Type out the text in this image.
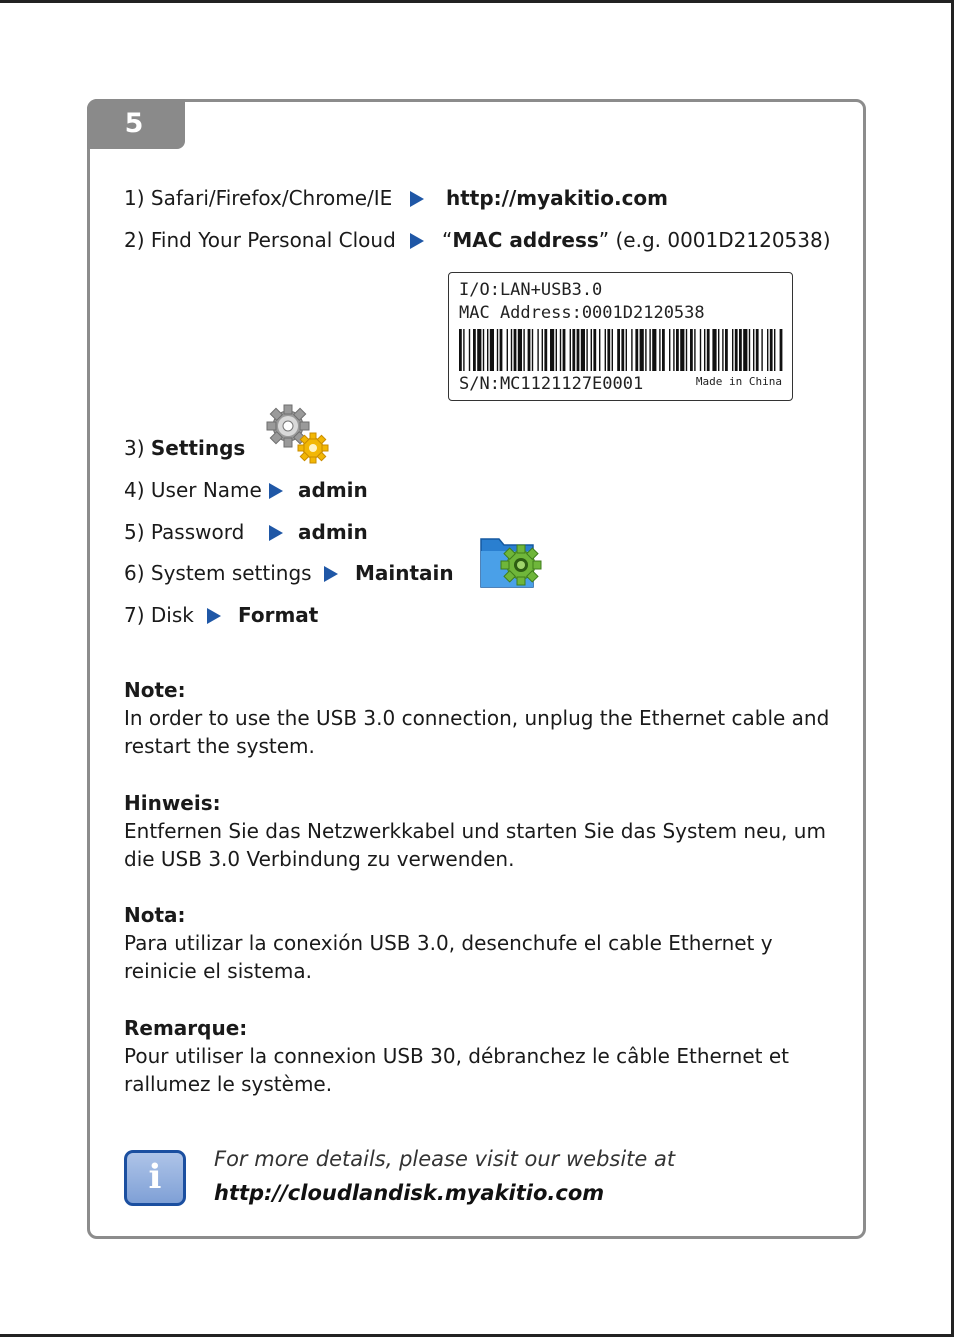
5
1) Safari/Firefox/Chrome/IE	http://myakitio.com
2) Find Your Personal Cloud “MAC address” (e.g. 0001D2120538)
I/O:LAN+USB3.0
MAC Address:0001D2120538
S/N:MC1121127E0001	Made in China
3) Settings
4) User Name admin
5) Password	admin
6) System settings Maintain
7) Disk Format
Note:
In order to use the USB 3.0 connection, unplug the Ethernet cable and restart the system.
Hinweis:
Entfernen Sie das Netzwerkkabel und starten Sie das System neu, um die USB 3.0 Verbindung zu verwenden.
Nota:
Para utilizar la conexión USB 3.0, desenchufe el cable Ethernet y reinicie el sistema.
Remarque:
Pour utiliser la connexion USB 30, débranchez le câble Ethernet et rallumez le système.
i	For more details, please visit our website at
http://cloudlandisk.myakitio.com
